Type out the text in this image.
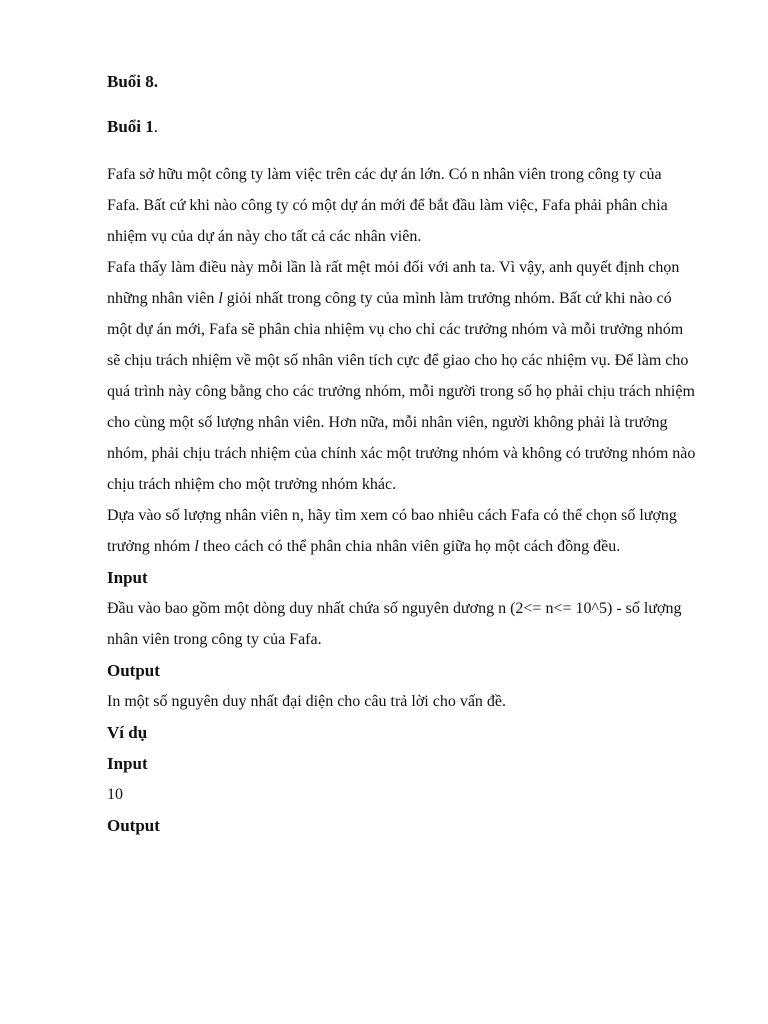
Buổi 8.

Buổi 1.

Fafa sở hữu một công ty làm việc trên các dự án lớn. Có n nhân viên trong công ty của Fafa. Bất cứ khi nào công ty có một dự án mới để bắt đầu làm việc, Fafa phải phân chia nhiệm vụ của dự án này cho tất cả các nhân viên.

Fafa thấy làm điều này mỗi lần là rất mệt mỏi đối với anh ta. Vì vậy, anh quyết định chọn những nhân viên l giỏi nhất trong công ty của mình làm trưởng nhóm. Bất cứ khi nào có một dự án mới, Fafa sẽ phân chia nhiệm vụ cho chỉ các trưởng nhóm và mỗi trưởng nhóm sẽ chịu trách nhiệm về một số nhân viên tích cực để giao cho họ các nhiệm vụ. Để làm cho quá trình này công bằng cho các trưởng nhóm, mỗi người trong số họ phải chịu trách nhiệm cho cùng một số lượng nhân viên. Hơn nữa, mỗi nhân viên, người không phải là trưởng nhóm, phải chịu trách nhiệm của chính xác một trưởng nhóm và không có trưởng nhóm nào chịu trách nhiệm cho một trưởng nhóm khác.

Dựa vào số lượng nhân viên n, hãy tìm xem có bao nhiêu cách Fafa có thể chọn số lượng trưởng nhóm l theo cách có thể phân chia nhân viên giữa họ một cách đồng đều.

Input

Đầu vào bao gồm một dòng duy nhất chứa số nguyên dương n (2<= n<= 10^5) - số lượng nhân viên trong công ty của Fafa.

Output

In một số nguyên duy nhất đại diện cho câu trả lời cho vấn đề.

Ví dụ

Input

10

Output
